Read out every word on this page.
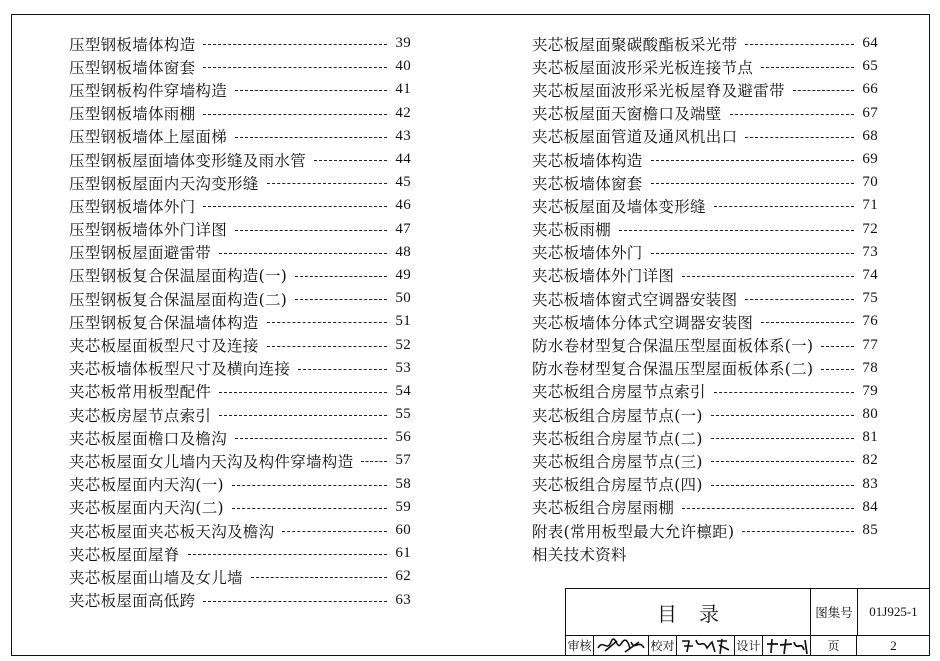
压型钢板墙体构造	39
压型钢板墙体窗套	40
压型钢板构件穿墙构造	41
压型钢板墙体雨棚	42
压型钢板墙体上屋面梯	43
压型钢板屋面墙体变形缝及雨水管	44
压型钢板屋面内天沟变形缝	45
压型钢板墙体外门	46
压型钢板墙体外门详图	47
压型钢板屋面避雷带	48
压型钢板复合保温屋面构造(一)	49
压型钢板复合保温屋面构造(二)	50
压型钢板复合保温墙体构造	51
夹芯板屋面板型尺寸及连接	52
夹芯板墙体板型尺寸及横向连接	53
夹芯板常用板型配件	54
夹芯板房屋节点索引	55
夹芯板屋面檐口及檐沟	56
夹芯板屋面女儿墙内天沟及构件穿墙构造	57
夹芯板屋面内天沟(一)	58
夹芯板屋面内天沟(二)	59
夹芯板屋面夹芯板天沟及檐沟	60
夹芯板屋面屋脊	61
夹芯板屋面山墙及女儿墙	62
夹芯板屋面高低跨	63
夹芯板屋面聚碳酸酯板采光带	64
夹芯板屋面波形采光板连接节点	65
夹芯板屋面波形采光板屋脊及避雷带	66
夹芯板屋面天窗檐口及端壁	67
夹芯板屋面管道及通风机出口	68
夹芯板墙体构造	69
夹芯板墙体窗套	70
夹芯板屋面及墙体变形缝	71
夹芯板雨棚	72
夹芯板墙体外门	73
夹芯板墙体外门详图	74
夹芯板墙体窗式空调器安装图	75
夹芯板墙体分体式空调器安装图	76
防水卷材型复合保温压型屋面板体系(一)	77
防水卷材型复合保温压型屋面板体系(二)	78
夹芯板组合房屋节点索引	79
夹芯板组合房屋节点(一)	80
夹芯板组合房屋节点(二)	81
夹芯板组合房屋节点(三)	82
夹芯板组合房屋节点(四)	83
夹芯板组合房屋雨棚	84
附表(常用板型最大允许檩距)	85
相关技术资料
目录	图集号	01J925-1
审核	校对	设计	页	2
